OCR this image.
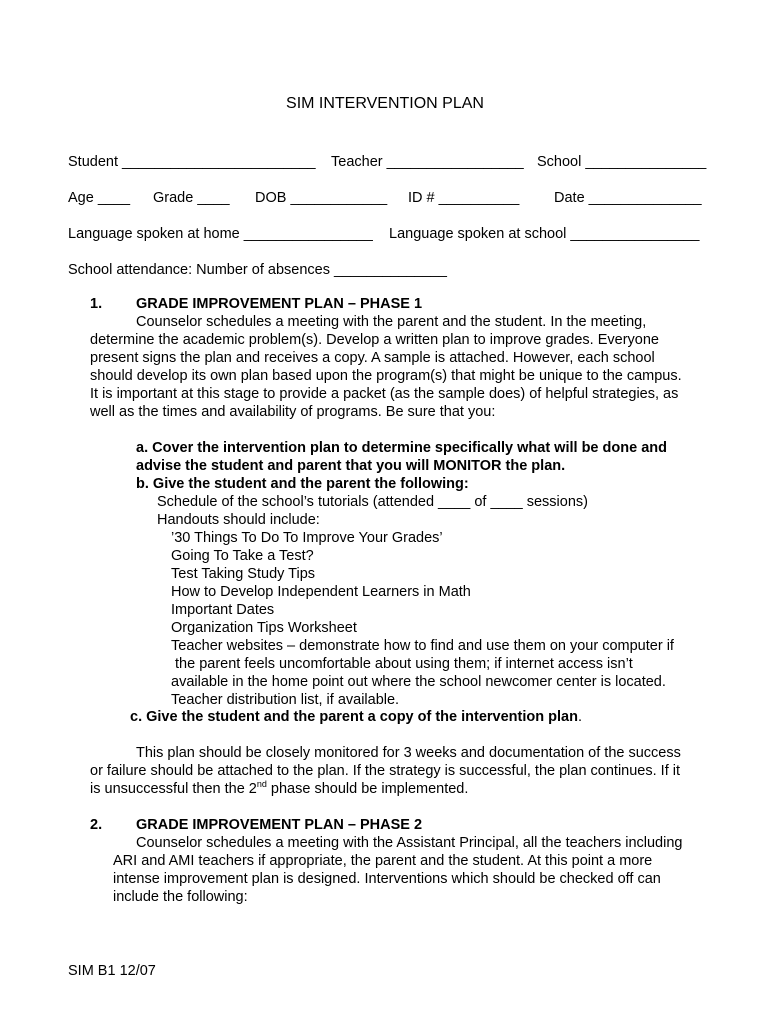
SIM INTERVENTION PLAN
Student ________________________ Teacher _________________ School _______________
Age ____ Grade ____ DOB ____________ ID # __________ Date ______________
Language spoken at home ________________ Language spoken at school ________________
School attendance: Number of absences ______________
1. GRADE IMPROVEMENT PLAN – PHASE 1
Counselor schedules a meeting with the parent and the student. In the meeting,
determine the academic problem(s). Develop a written plan to improve grades. Everyone
present signs the plan and receives a copy. A sample is attached. However, each school
should develop its own plan based upon the program(s) that might be unique to the campus.
It is important at this stage to provide a packet (as the sample does) of helpful strategies, as
well as the times and availability of programs. Be sure that you:
a. Cover the intervention plan to determine specifically what will be done and
advise the student and parent that you will MONITOR the plan.
b. Give the student and the parent the following:
Schedule of the school’s tutorials (attended ____ of ____ sessions)
Handouts should include:
’30 Things To Do To Improve Your Grades’
Going To Take a Test?
Test Taking Study Tips
How to Develop Independent Learners in Math
Important Dates
Organization Tips Worksheet
Teacher websites – demonstrate how to find and use them on your computer if
the parent feels uncomfortable about using them; if internet access isn’t
available in the home point out where the school newcomer center is located.
Teacher distribution list, if available.
c. Give the student and the parent a copy of the intervention plan.
This plan should be closely monitored for 3 weeks and documentation of the success
or failure should be attached to the plan. If the strategy is successful, the plan continues. If it
is unsuccessful then the 2nd phase should be implemented.
2. GRADE IMPROVEMENT PLAN – PHASE 2
Counselor schedules a meeting with the Assistant Principal, all the teachers including
ARI and AMI teachers if appropriate, the parent and the student. At this point a more
intense improvement plan is designed. Interventions which should be checked off can
include the following:
SIM B1 12/07
